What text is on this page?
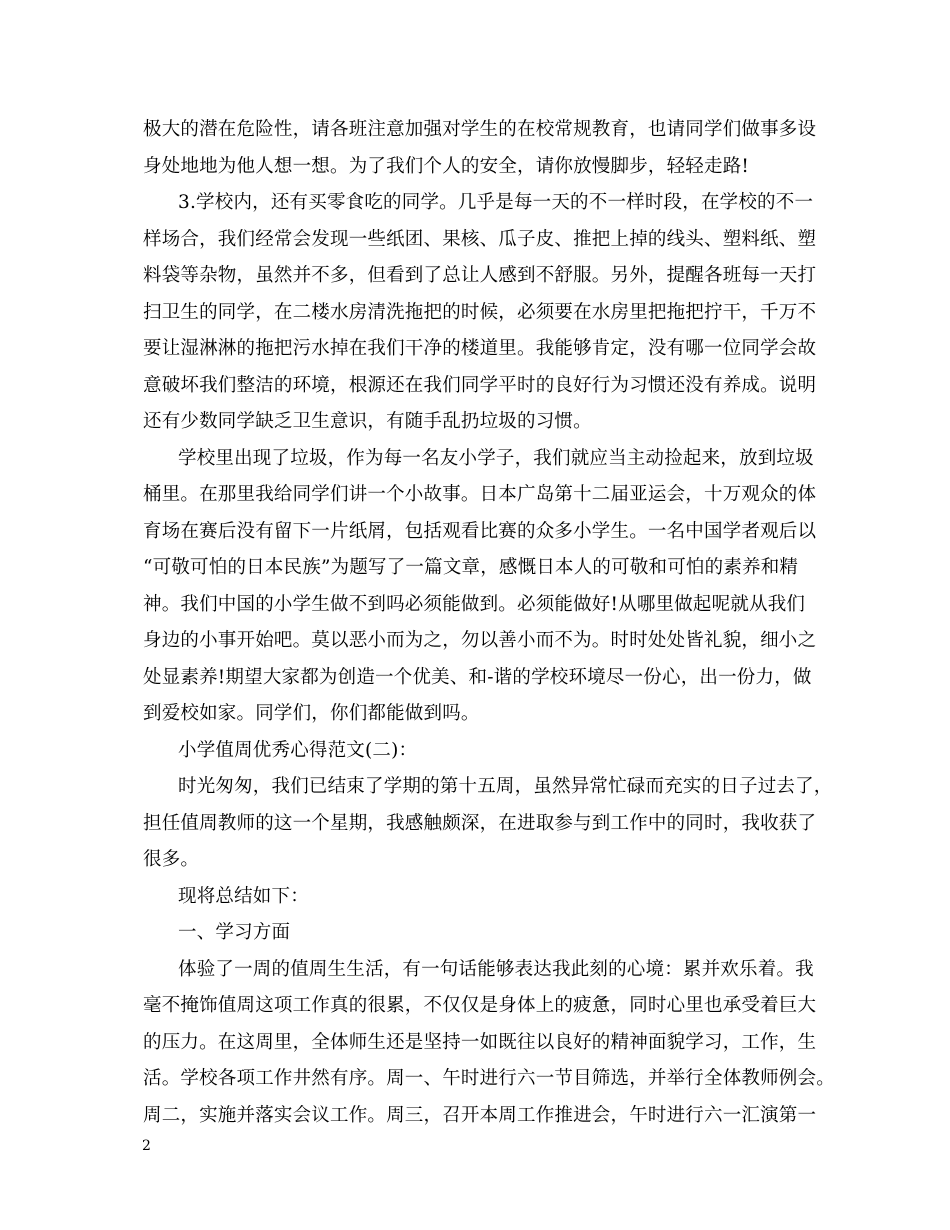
极大的潜在危险性，请各班注意加强对学生的在校常规教育，也请同学们做事多设
身处地地为他人想一想。为了我们个人的安全，请你放慢脚步，轻轻走路!
3.学校内，还有买零食吃的同学。几乎是每一天的不一样时段，在学校的不一
样场合，我们经常会发现一些纸团、果核、瓜子皮、推把上掉的线头、塑料纸、塑
料袋等杂物，虽然并不多，但看到了总让人感到不舒服。另外，提醒各班每一天打
扫卫生的同学，在二楼水房清洗拖把的时候，必须要在水房里把拖把拧干，千万不
要让湿淋淋的拖把污水掉在我们干净的楼道里。我能够肯定，没有哪一位同学会故
意破坏我们整洁的环境，根源还在我们同学平时的良好行为习惯还没有养成。说明
还有少数同学缺乏卫生意识，有随手乱扔垃圾的习惯。
学校里出现了垃圾，作为每一名友小学子，我们就应当主动捡起来，放到垃圾
桶里。在那里我给同学们讲一个小故事。日本广岛第十二届亚运会，十万观众的体
育场在赛后没有留下一片纸屑，包括观看比赛的众多小学生。一名中国学者观后以
“可敬可怕的日本民族”为题写了一篇文章，感慨日本人的可敬和可怕的素养和精
神。我们中国的小学生做不到吗必须能做到。必须能做好!从哪里做起呢就从我们
身边的小事开始吧。莫以恶小而为之，勿以善小而不为。时时处处皆礼貌，细小之
处显素养!期望大家都为创造一个优美、和-谐的学校环境尽一份心，出一份力，做
到爱校如家。同学们，你们都能做到吗。
小学值周优秀心得范文(二)：
时光匆匆，我们已结束了学期的第十五周，虽然异常忙碌而充实的日子过去了，
担任值周教师的这一个星期，我感触颇深，在进取参与到工作中的同时，我收获了
很多。
现将总结如下：
一、学习方面
体验了一周的值周生生活，有一句话能够表达我此刻的心境：累并欢乐着。我
毫不掩饰值周这项工作真的很累，不仅仅是身体上的疲惫，同时心里也承受着巨大
的压力。在这周里，全体师生还是坚持一如既往以良好的精神面貌学习，工作，生
活。学校各项工作井然有序。周一、午时进行六一节目筛选，并举行全体教师例会。
周二，实施并落实会议工作。周三，召开本周工作推进会，午时进行六一汇演第一
2
